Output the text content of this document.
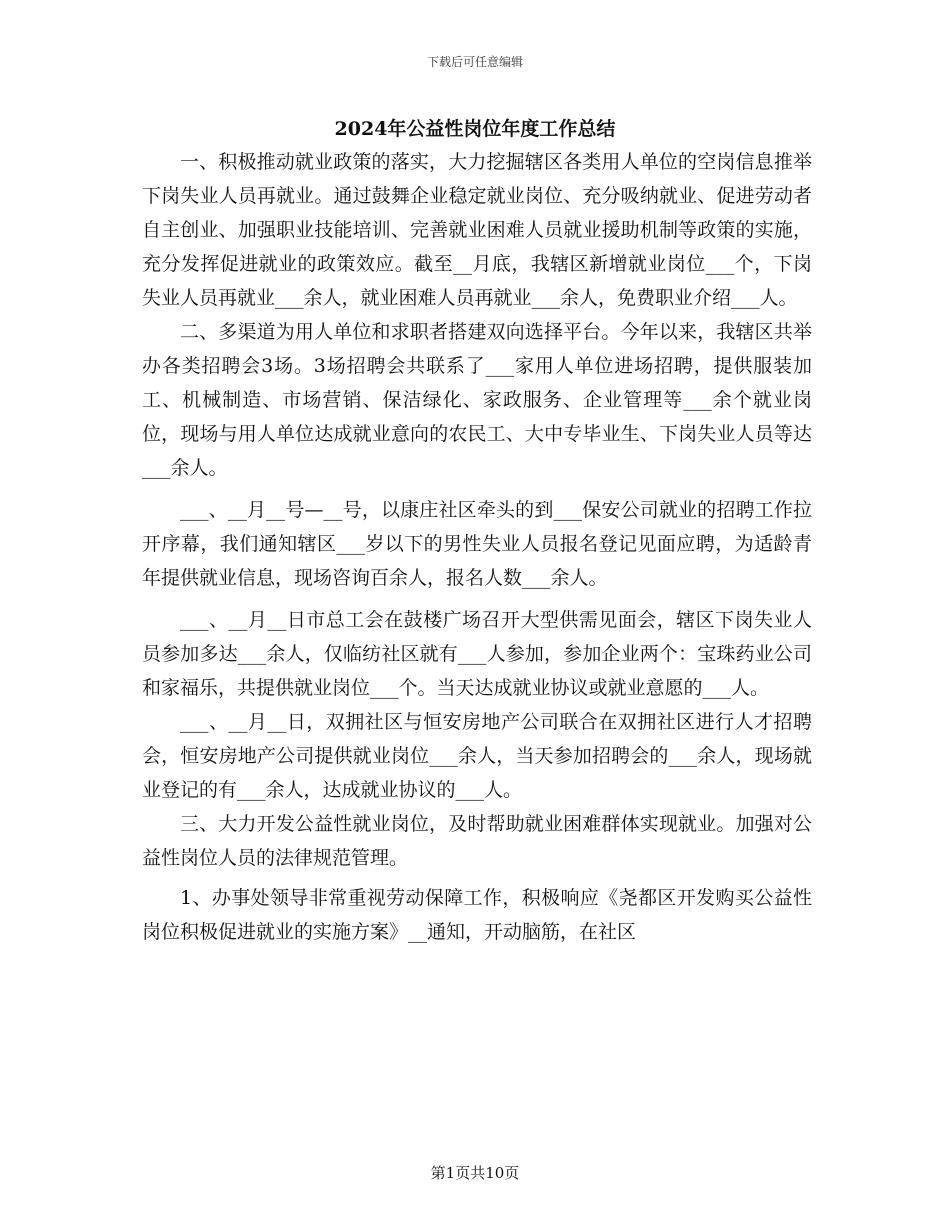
下载后可任意编辑
2024年公益性岗位年度工作总结

一、积极推动就业政策的落实，大力挖掘辖区各类用人单位的空岗信息推举下岗失业人员再就业。通过鼓舞企业稳定就业岗位、充分吸纳就业、促进劳动者自主创业、加强职业技能培训、完善就业困难人员就业援助机制等政策的实施，充分发挥促进就业的政策效应。截至__月底，我辖区新增就业岗位___个，下岗失业人员再就业___余人，就业困难人员再就业___余人，免费职业介绍___人。

二、多渠道为用人单位和求职者搭建双向选择平台。今年以来，我辖区共举办各类招聘会3场。3场招聘会共联系了___家用人单位进场招聘，提供服装加工、机械制造、市场营销、保洁绿化、家政服务、企业管理等___余个就业岗位，现场与用人单位达成就业意向的农民工、大中专毕业生、下岗失业人员等达___余人。

___、__月__号—__号，以康庄社区牵头的到___保安公司就业的招聘工作拉开序幕，我们通知辖区___岁以下的男性失业人员报名登记见面应聘，为适龄青年提供就业信息，现场咨询百余人，报名人数___余人。

___、__月__日市总工会在鼓楼广场召开大型供需见面会，辖区下岗失业人员参加多达___余人，仅临纺社区就有___人参加，参加企业两个：宝珠药业公司和家福乐，共提供就业岗位___个。当天达成就业协议或就业意愿的___人。

___、__月__日，双拥社区与恒安房地产公司联合在双拥社区进行人才招聘会，恒安房地产公司提供就业岗位___余人，当天参加招聘会的___余人，现场就业登记的有___余人，达成就业协议的___人。

三、大力开发公益性就业岗位，及时帮助就业困难群体实现就业。加强对公益性岗位人员的法律规范管理。

1、办事处领导非常重视劳动保障工作，积极响应《尧都区开发购买公益性岗位积极促进就业的实施方案》__通知，开动脑筋，在社区

第1页共10页
